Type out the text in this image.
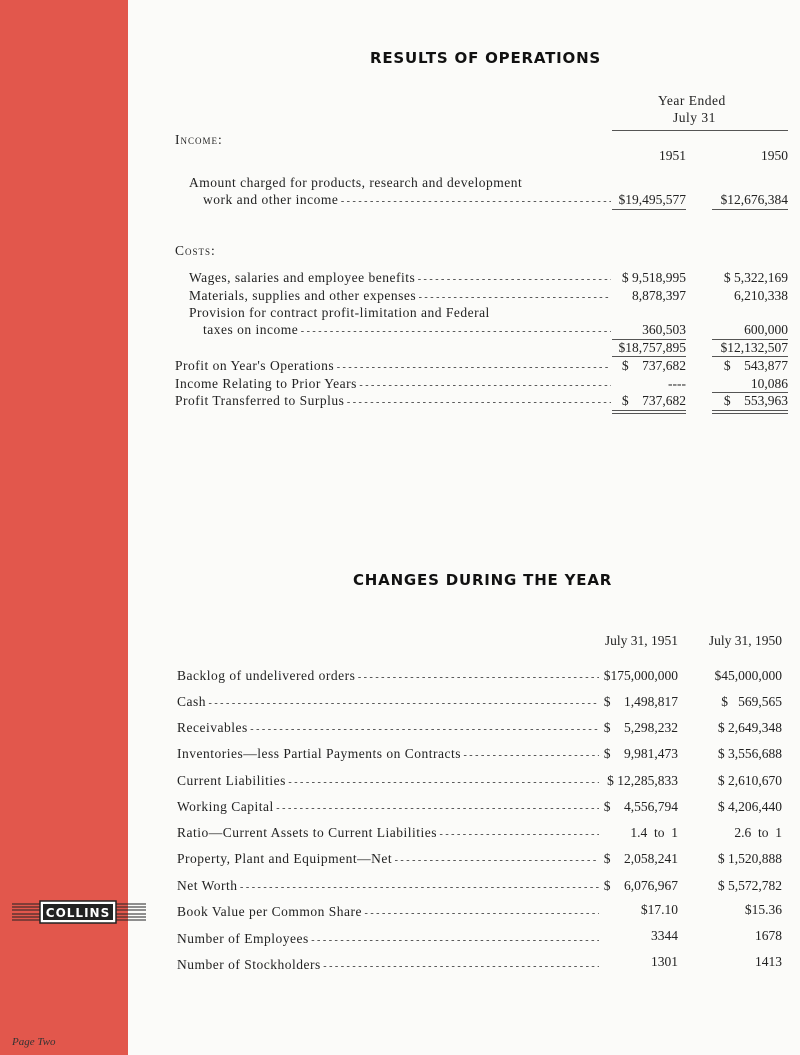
COLLINS
Page Two
RESULTS OF OPERATIONS
Year Ended
July 31
Income:
1951	1950
Amount charged for products, research and development
work and other income - - -	$19,495,577	$12,676,384
Costs:
Wages, salaries and employee benefits - - -	$ 9,518,995	$ 5,322,169
Materials, supplies and other expenses - - -	8,878,397	6,210,338
Provision for contract profit-limitation and Federal
taxes on income - - -	360,503	600,000
$18,757,895	$12,132,507
Profit on Year's Operations - - -	$    737,682	$    543,877
Income Relating to Prior Years - - -	----	10,086
Profit Transferred to Surplus - - -	$    737,682	$    553,963
CHANGES DURING THE YEAR
July 31, 1951	July 31, 1950
Backlog of undelivered orders - - -	$175,000,000	$45,000,000
Cash - - -	$    1,498,817	$   569,565
Receivables - - -	$    5,298,232	$ 2,649,348
Inventories—less Partial Payments on Contracts - - -	$    9,981,473	$ 3,556,688
Current Liabilities - - -	$ 12,285,833	$ 2,610,670
Working Capital - - -	$    4,556,794	$ 4,206,440
Ratio—Current Assets to Current Liabilities - - -	1.4  to  1	2.6  to  1
Property, Plant and Equipment—Net - - -	$    2,058,241	$ 1,520,888
Net Worth - - -	$    6,076,967	$ 5,572,782
Book Value per Common Share - - -	$17.10	$15.36
Number of Employees - - -	3344	1678
Number of Stockholders - - -	1301	1413
